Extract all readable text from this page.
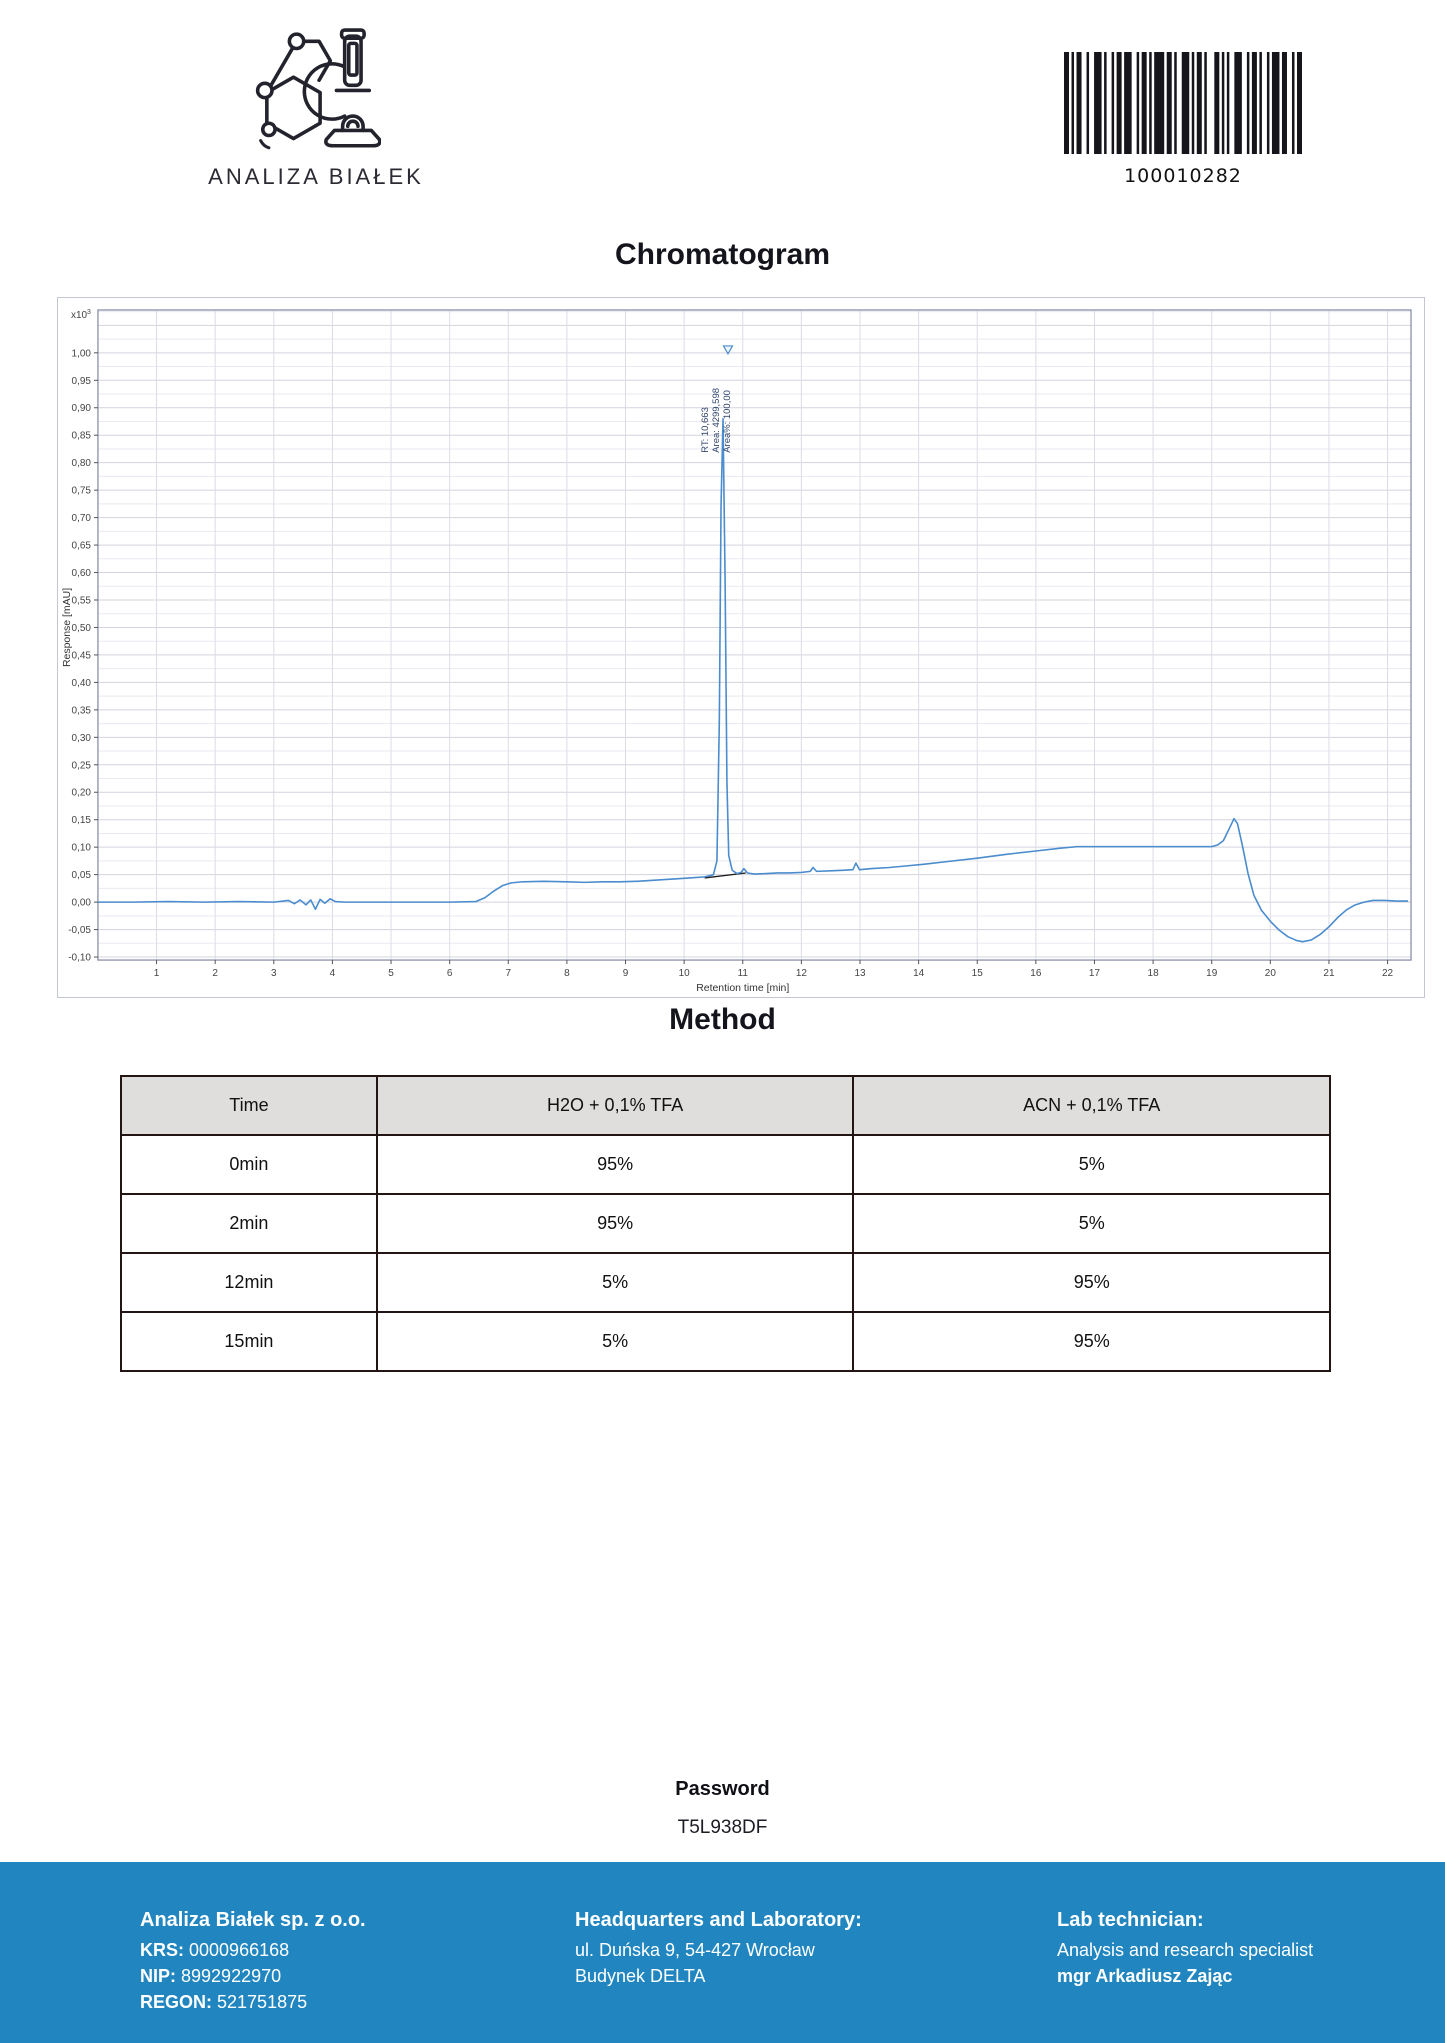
ANALIZA BIAŁEK	100010282
Chromatogram
1	2	3	4	5	6	7	8	9	10	11	12	13	14	15	16	17	18	19	20	21	22
1,00
0,95
0,90
0,85
0,80
0,75
0,70
0,65
0,60
0,55
0,50
0,45
0,40
0,35
0,30
0,25
0,20
0,15
0,10
0,05
0,00
-0,05
-0,10
$x10^3$
Retention time [min]
Response [mAU]
RT: 10,663 Area: 4299,598 Area%: 100,00
Method
Time	H2O + 0,1% TFA	ACN + 0,1% TFA
0min	95%	5%
2min	95%	5%
12min	5%	95%
15min	5%	95%
Password
T5L938DF
Analiza Białek sp. z o.o.
KRS: 0000966168
NIP: 8992922970
REGON: 521751875
Headquarters and Laboratory:
ul. Duńska 9, 54-427 Wrocław
Budynek DELTA
Lab technician:
Analysis and research specialist
mgr Arkadiusz Zając
